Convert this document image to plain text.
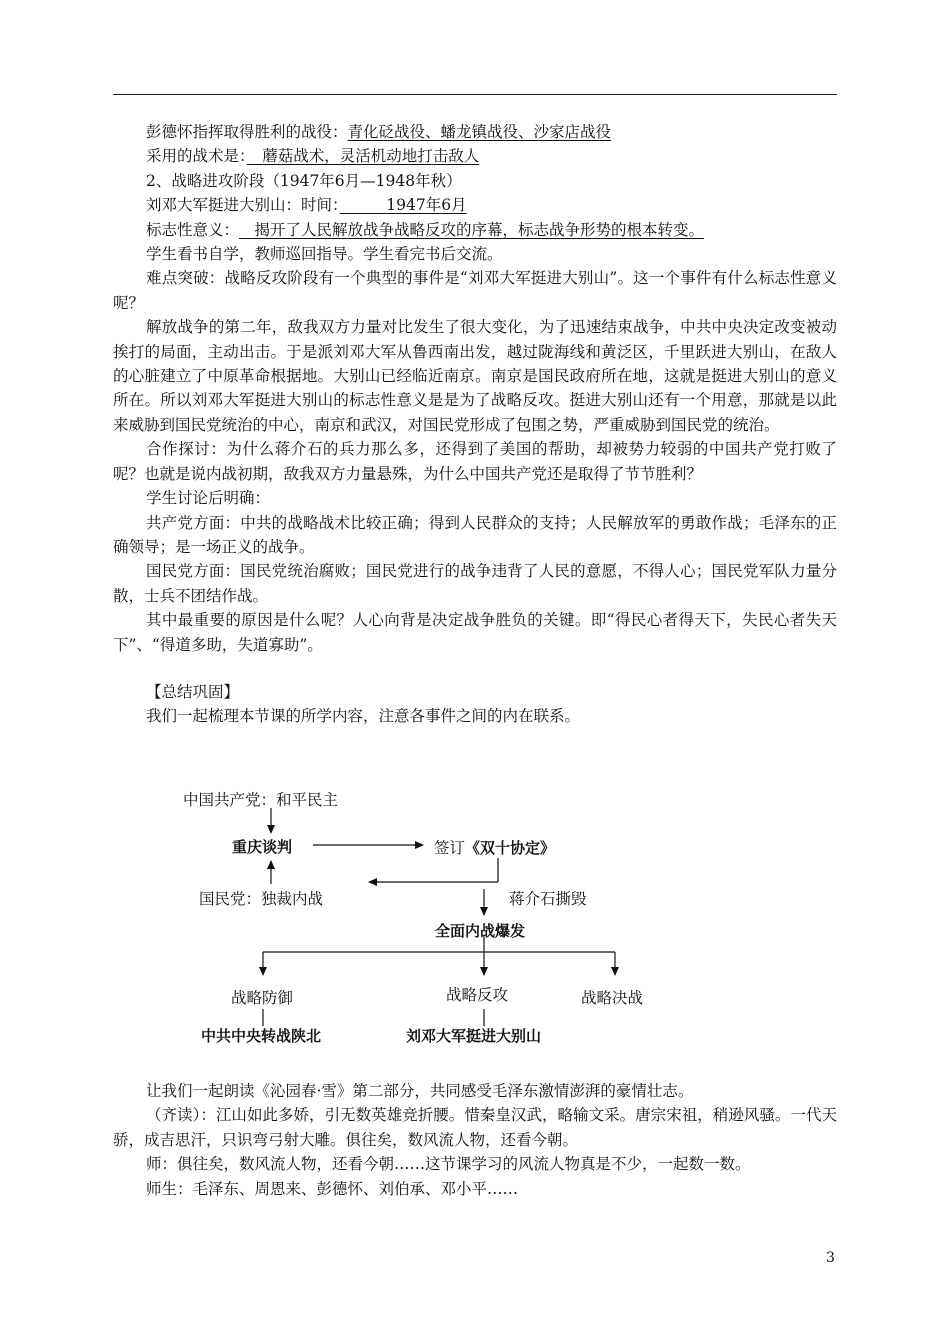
彭德怀指挥取得胜利的战役：青化砭战役、蟠龙镇战役、沙家店战役

采用的战术是：　 蘑菇战术，灵活机动地打击敌人

2、战略进攻阶段（1947年6月—1948年秋）

刘邓大军挺进大别山：时间：　　 	1947年6月

标志性意义：  揭开了人民解放战争战略反攻的序幕，标志战争形势的根本转变。

学生看书自学，教师巡回指导。学生看完书后交流。

难点突破：战略反攻阶段有一个典型的事件是“刘邓大军挺进大别山”。这一个事件有什么标志性意义呢？

解放战争的第二年，敌我双方力量对比发生了很大变化，为了迅速结束战争，中共中央决定改变被动挨打的局面，主动出击。于是派刘邓大军从鲁西南出发，越过陇海线和黄泛区，千里跃进大别山，在敌人的心脏建立了中原革命根据地。大别山已经临近南京。南京是国民政府所在地，这就是挺进大别山的意义所在。所以刘邓大军挺进大别山的标志性意义是是为了战略反攻。挺进大别山还有一个用意，那就是以此来威胁到国民党统治的中心，南京和武汉，对国民党形成了包围之势，严重威胁到国民党的统治。

合作探讨：为什么蒋介石的兵力那么多，还得到了美国的帮助，却被势力较弱的中国共产党打败了呢？也就是说内战初期，敌我双方力量悬殊，为什么中国共产党还是取得了节节胜利？

学生讨论后明确：

共产党方面：中共的战略战术比较正确；得到人民群众的支持；人民解放军的勇敢作战；毛泽东的正确领导；是一场正义的战争。

国民党方面：国民党统治腐败；国民党进行的战争违背了人民的意愿，不得人心；国民党军队力量分散，士兵不团结作战。

其中最重要的原因是什么呢？人心向背是决定战争胜负的关键。即“得民心者得天下，失民心者失天下”、“得道多助，失道寡助”。

【总结巩固】

我们一起梳理本节课的所学内容，注意各事件之间的内在联系。

中国共产党：和平民主
重庆谈判	签订《双十协定》
国民党：独裁内战	蒋介石撕毁
全面内战爆发
战略防御	战略反攻	战略决战
中共中央转战陕北	刘邓大军挺进大别山

让我们一起朗读《沁园春·雪》第二部分，共同感受毛泽东激情澎湃的豪情壮志。

（齐读）：江山如此多娇，引无数英雄竞折腰。惜秦皇汉武，略输文采。唐宗宋祖，稍逊风骚。一代天骄，成吉思汗，只识弯弓射大雕。俱往矣，数风流人物，还看今朝。

师：俱往矣，数风流人物，还看今朝……这节课学习的风流人物真是不少，一起数一数。

师生：毛泽东、周恩来、彭德怀、刘伯承、邓小平……

3
